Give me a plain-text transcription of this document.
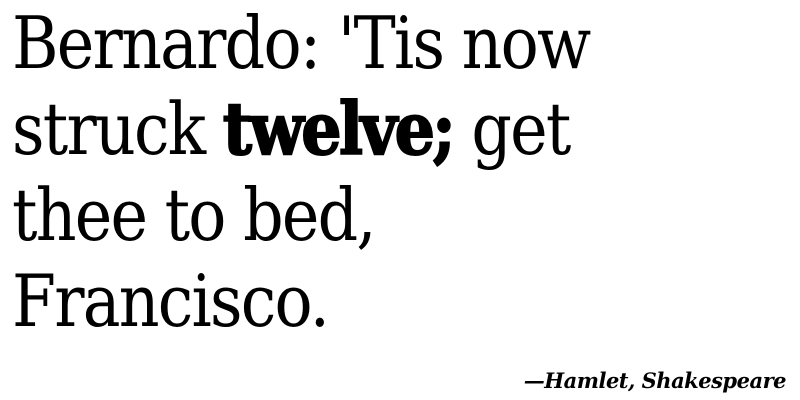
Bernardo: 'Tis now struck twelve; get thee to bed, Francisco.

—Hamlet, Shakespeare
